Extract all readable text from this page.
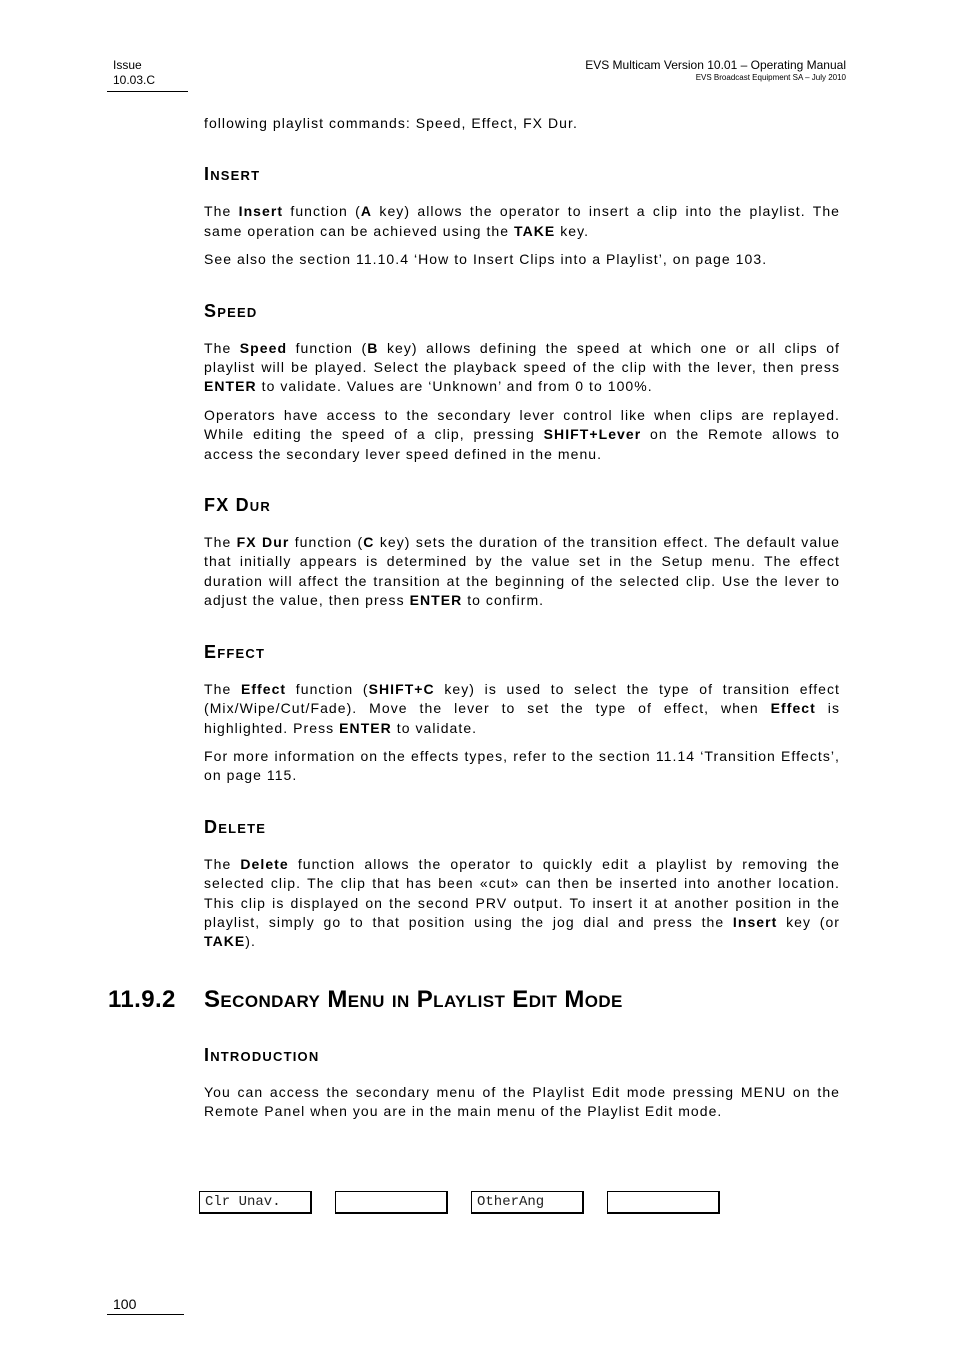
Issue
10.03.C
EVS Multicam Version 10.01 – Operating Manual
EVS Broadcast Equipment SA – July 2010

following playlist commands: Speed, Effect, FX Dur.

Insert

The Insert function (A key) allows the operator to insert a clip into the playlist. The same operation can be achieved using the TAKE key.

See also the section 11.10.4 ‘How to Insert Clips into a Playlist’, on page 103.

Speed

The Speed function (B key) allows defining the speed at which one or all clips of playlist will be played. Select the playback speed of the clip with the lever, then press ENTER to validate. Values are ‘Unknown’ and from 0 to 100%.

Operators have access to the secondary lever control like when clips are replayed. While editing the speed of a clip, pressing SHIFT+Lever on the Remote allows to access the secondary lever speed defined in the menu.

FX Dur

The FX Dur function (C key) sets the duration of the transition effect. The default value that initially appears is determined by the value set in the Setup menu. The effect duration will affect the transition at the beginning of the selected clip. Use the lever to adjust the value, then press ENTER to confirm.

Effect

The Effect function (SHIFT+C key) is used to select the type of transition effect (Mix/Wipe/Cut/Fade). Move the lever to set the type of effect, when Effect is highlighted. Press ENTER to validate.

For more information on the effects types, refer to the section 11.14 ‘Transition Effects’, on page 115.

Delete

The Delete function allows the operator to quickly edit a playlist by removing the selected clip. The clip that has been «cut» can then be inserted into another location. This clip is displayed on the second PRV output. To insert it at another position in the playlist, simply go to that position using the jog dial and press the Insert key (or TAKE).

11.9.2	Secondary Menu in Playlist Edit Mode
Introduction

You can access the secondary menu of the Playlist Edit mode pressing MENU on the Remote Panel when you are in the main menu of the Playlist Edit mode.

Clr Unav.	OtherAng
100
